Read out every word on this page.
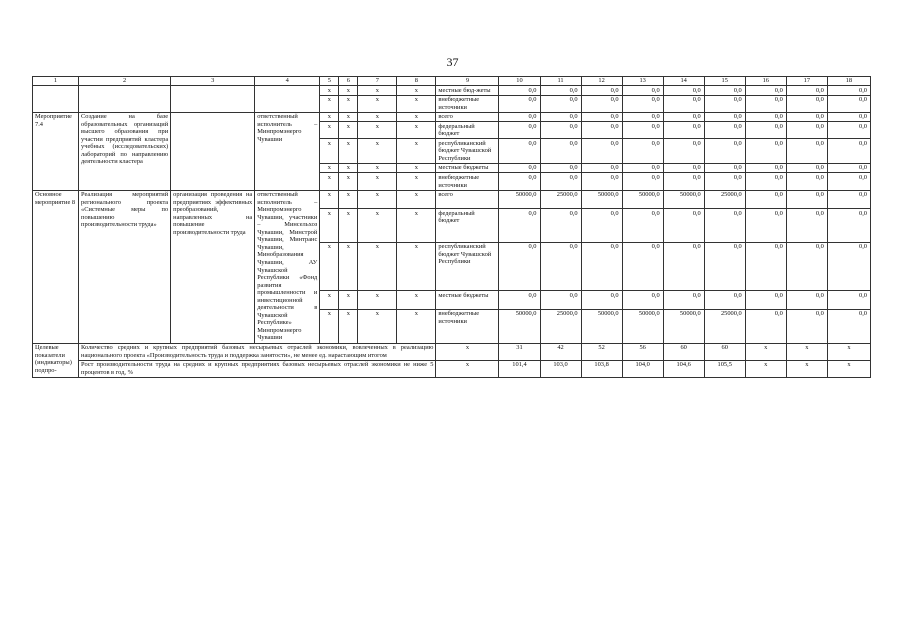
37
1	2	3	4	5	6	7	8	9	10	11	12	13	14	15	16	17	18
				х	х	х	х	местные бюд-жеты	0,0	0,0	0,0	0,0	0,0	0,0	0,0	0,0	0,0
				х	х	х	х	внебюджетные источники	0,0	0,0	0,0	0,0	0,0	0,0	0,0	0,0	0,0
Мероприятие 7.4	Создание на базе образовательных организаций высшего образования при участии предприятий кластера учебных (исследовательских) лабораторий по направлению деятельности кластера		ответственный исполнитель – Минпромэнерго Чувашии	х	х	х	х	всего	0,0	0,0	0,0	0,0	0,0	0,0	0,0	0,0	0,0
				х	х	х	х	федеральный бюджет	0,0	0,0	0,0	0,0	0,0	0,0	0,0	0,0	0,0
				х	х	х	х	республиканский бюджет Чувашской Республики	0,0	0,0	0,0	0,0	0,0	0,0	0,0	0,0	0,0
				х	х	х	х	местные бюджеты	0,0	0,0	0,0	0,0	0,0	0,0	0,0	0,0	0,0
				х	х	х	х	внебюджетные источники	0,0	0,0	0,0	0,0	0,0	0,0	0,0	0,0	0,0
Основное мероприятие 8	Реализация мероприятий регионального проекта «Системные меры по повышению производительности труда»	организация проведения на предприятиях эффективных преобразований, направленных на повышение производительности труда	ответственный исполнитель – Минпромэнерго Чувашии, участники – Минсельхоз Чувашии, Минстрой Чувашии, Минтранс Чувашии, Минобразования Чувашии, АУ Чувашской Республики «Фонд развития промышленности и инвестиционной деятельности в Чувашской Республике» Минпромэнерго Чувашии	х	х	х	х	всего	50000,0	25000,0	50000,0	50000,0	50000,0	25000,0	0,0	0,0	0,0
				х	х	х	х	федеральный бюджет	0,0	0,0	0,0	0,0	0,0	0,0	0,0	0,0	0,0
				х	х	х	х	республиканский бюджет Чувашской Республики	0,0	0,0	0,0	0,0	0,0	0,0	0,0	0,0	0,0
				х	х	х	х	местные бюджеты	0,0	0,0	0,0	0,0	0,0	0,0	0,0	0,0	0,0
				х	х	х	х	внебюджетные источники	50000,0	25000,0	50000,0	50000,0	50000,0	25000,0	0,0	0,0	0,0
Целевые показатели (индикаторы) подпро-	Количество средних и крупных предприятий базовых несырьевых отраслей экономики, вовлеченных в реализацию национального проекта «Производительность труда и поддержка занятости», не менее ед. нарастающим итогом							х	31	42	52	56	60	60	х	х	х
	Рост производительности труда на средних и крупных предприятиях базовых несырьевых отраслей экономики не ниже 5 процентов в год, %							х	101,4	103,0	103,8	104,0	104,6	105,5	х	х	х
